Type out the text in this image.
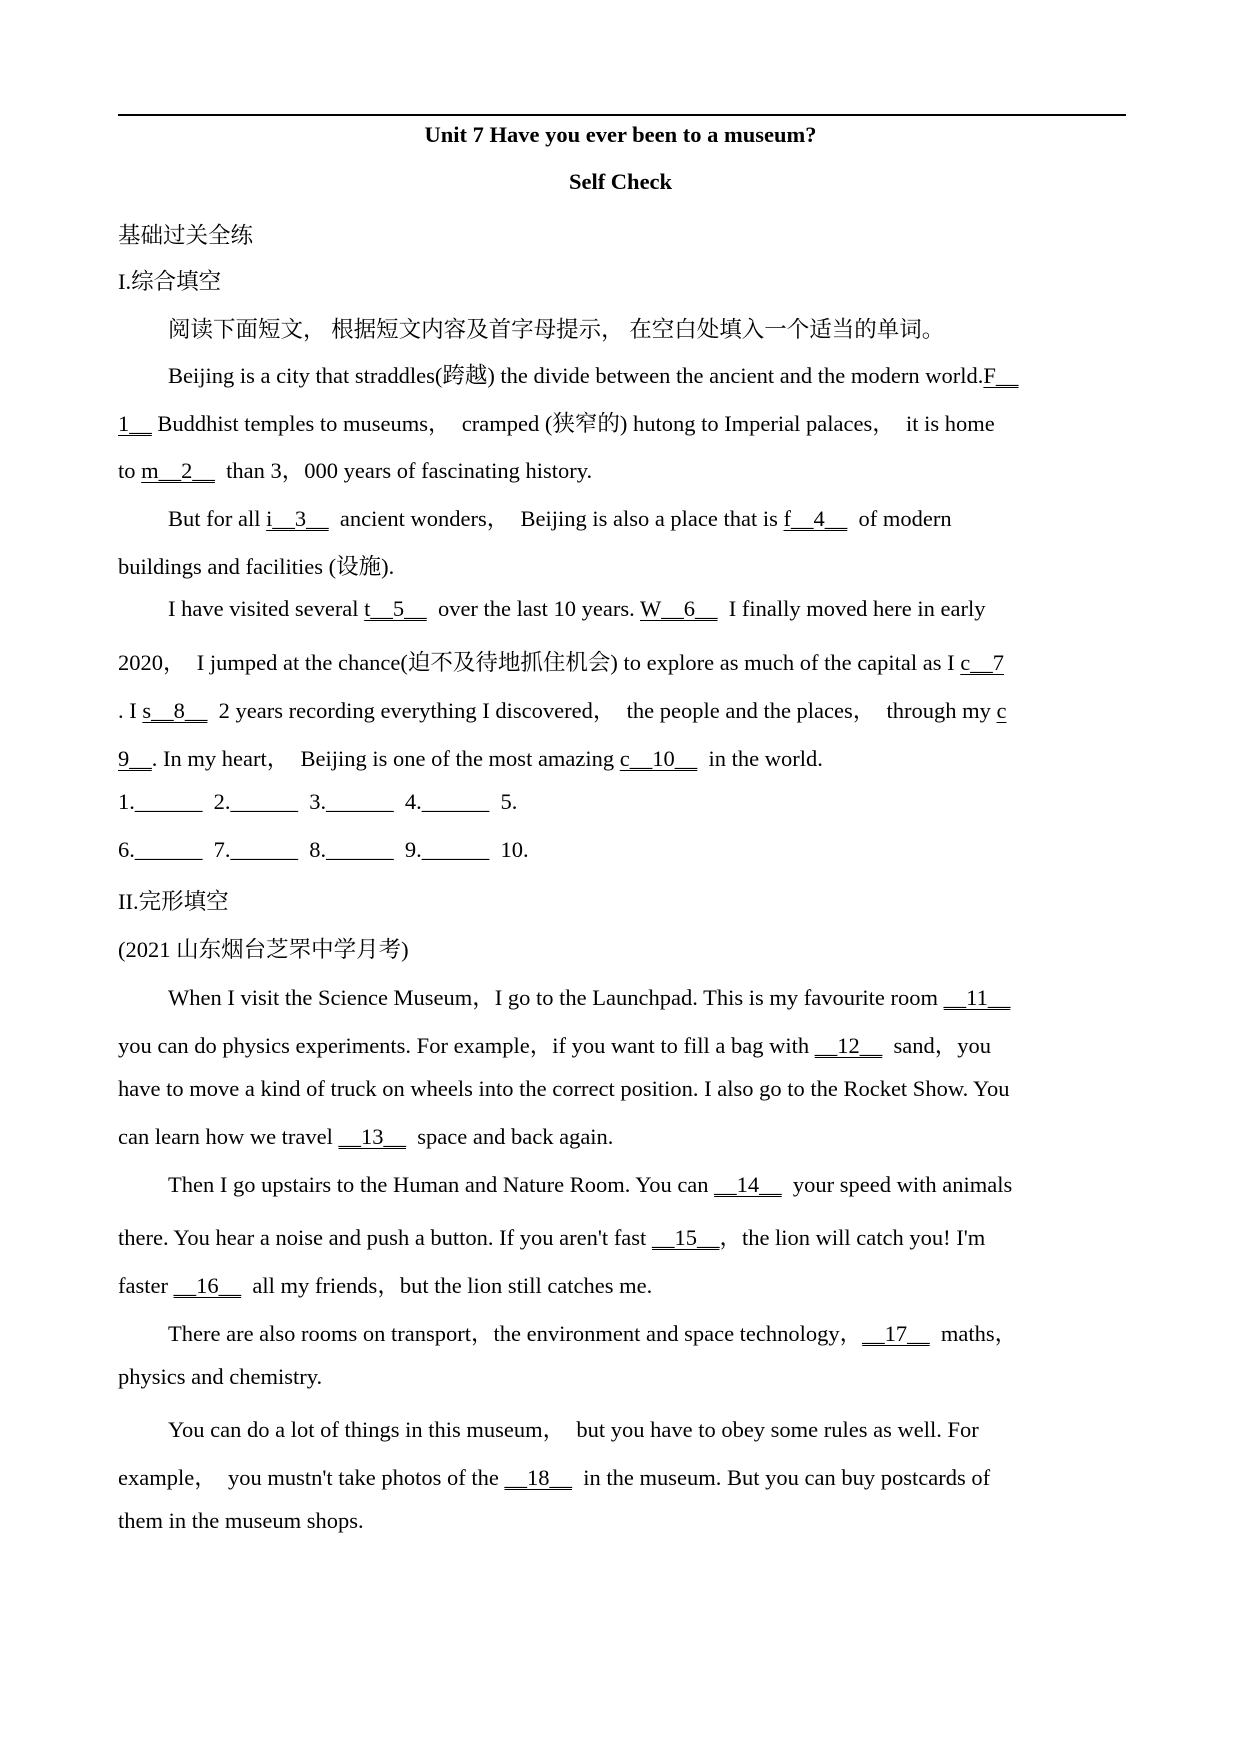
Unit 7 Have you ever been to a museum?
Self Check
基础过关全练
I.综合填空
阅读下面短文， 根据短文内容及首字母提示， 在空白处填入一个适当的单词。
Beijing is a city that straddles(跨越) the divide between the ancient and the modern world.F__
1__ Buddhist temples to museums，  cramped (狭窄的) hutong to Imperial palaces，  it is home
to m__2__  than 3，000 years of fascinating history.
But for all i__3__  ancient wonders，  Beijing is also a place that is f__4__  of modern
buildings and facilities (设施).
I have visited several t__5__  over the last 10 years. W__6__  I finally moved here in early
2020，  I jumped at the chance(迫不及待地抓住机会) to explore as much of the capital as I c__7
. I s__8__  2 years recording everything I discovered，  the people and the places，  through my c
9__. In my heart，  Beijing is one of the most amazing c__10__  in the world.
1.______  2.______  3.______  4.______  5.
6.______  7.______  8.______  9.______  10.
II.完形填空
(2021 山东烟台芝罘中学月考)
When I visit the Science Museum，I go to the Launchpad. This is my favourite room __11__
you can do physics experiments. For example，if you want to fill a bag with __12__  sand，you
have to move a kind of truck on wheels into the correct position. I also go to the Rocket Show. You
can learn how we travel __13__  space and back again.
Then I go upstairs to the Human and Nature Room. You can __14__  your speed with animals
there. You hear a noise and push a button. If you aren't fast __15__，the lion will catch you! I'm
faster __16__  all my friends，but the lion still catches me.
There are also rooms on transport，the environment and space technology，__17__  maths，
physics and chemistry.
You can do a lot of things in this museum，  but you have to obey some rules as well. For
example，  you mustn't take photos of the __18__  in the museum. But you can buy postcards of
them in the museum shops.
